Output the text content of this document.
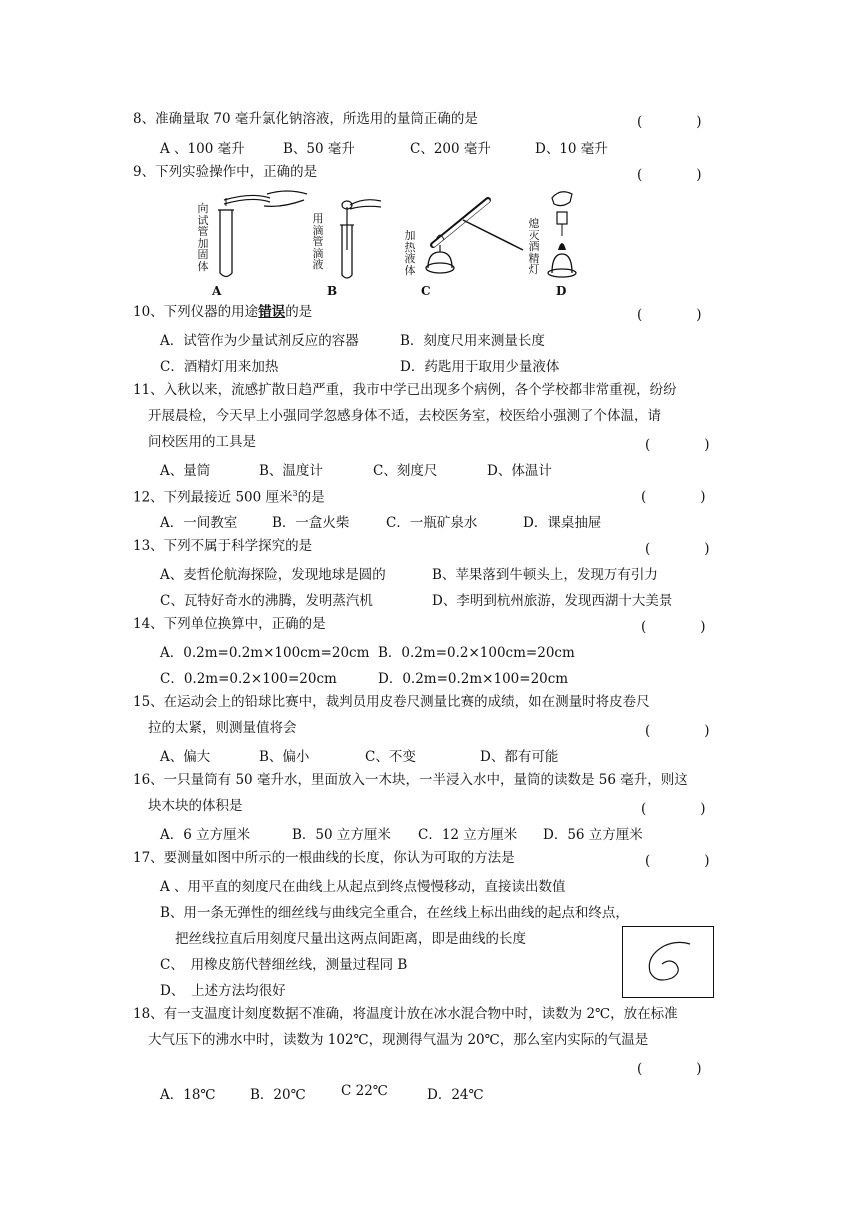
8、准确量取 70 毫升氯化钠溶液，所选用的量筒正确的是	(　　　　)
A 、100 毫升	B、50 毫升	C、200 毫升	D、10 毫升
9、下列实验操作中，正确的是	(　　　　)
向试管加固体
A
用滴管滴液
B
加热液体
C
熄灭酒精灯
D
10、下列仪器的用途错误的是	(　　　　)
A．试管作为少量试剂反应的容器	B．刻度尺用来测量长度
C．酒精灯用来加热	D．药匙用于取用少量液体
11、入秋以来，流感扩散日趋严重，我市中学已出现多个病例，各个学校都非常重视，纷纷
开展晨检，今天早上小强同学忽感身体不适，去校医务室，校医给小强测了个体温，请
问校医用的工具是	(　　　　)
A、量筒	B、温度计	C、刻度尺	D、体温计
12、下列最接近 500 厘米$^3$的是	(　　　　)
A．一间教室	B．一盒火柴	C．一瓶矿泉水	D．课桌抽屉
13、下列不属于科学探究的是	(　　　　)
A、麦哲伦航海探险，发现地球是圆的	B、苹果落到牛顿头上，发现万有引力
C、瓦特好奇水的沸腾，发明蒸汽机	D、李明到杭州旅游，发现西湖十大美景
14、下列单位换算中，正确的是	(　　　　)
A．0.2m=0.2m×100cm=20cm B．0.2m=0.2×100cm=20cm
C．0.2m=0.2×100=20cm	D．0.2m=0.2m×100=20cm
15、在运动会上的铅球比赛中，裁判员用皮卷尺测量比赛的成绩，如在测量时将皮卷尺
拉的太紧，则测量值将会	(　　　　)
A、偏大	B、偏小	C、不变	D、都有可能
16、一只量筒有 50 毫升水，里面放入一木块，一半浸入水中，量筒的读数是 56 毫升，则这
块木块的体积是	(　　　　)
A．6 立方厘米	B．50 立方厘米 C．12 立方厘米 D．56 立方厘米
17、要测量如图中所示的一根曲线的长度，你认为可取的方法是	(　　　　)
A 、用平直的刻度尺在曲线上从起点到终点慢慢移动，直接读出数值
B、用一条无弹性的细丝线与曲线完全重合，在丝线上标出曲线的起点和终点，
把丝线拉直后用刻度尺量出这两点间距离，即是曲线的长度
C、　用橡皮筋代替细丝线，测量过程同 B
D、　上述方法均很好
18、有一支温度计刻度数据不准确，将温度计放在冰水混合物中时，读数为 2℃，放在标准
大气压下的沸水中时，读数为 102℃，现测得气温为 20℃，那么室内实际的气温是
(　　　　)
A．18℃	B．20℃	C 22℃	D．24℃
